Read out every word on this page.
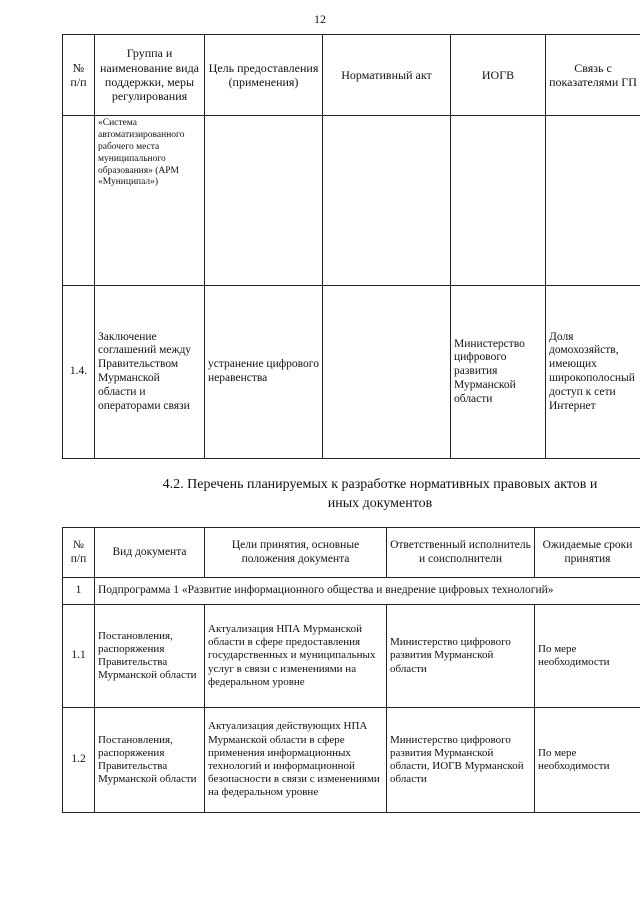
12
№
п/п	Группа и наименование вида поддержки, меры регулирования	Цель предоставления (применения)	Нормативный акт	ИОГВ	Связь с показателями ГП
	«Система автоматизированного рабочего места муниципального образования» (АРМ «Муниципал»)				
1.4.	Заключение соглашений между Правительством Мурманской области и операторами связи	устранение цифрового неравенства		Министерство цифрового развития Мурманской области	Доля домохозяйств, имеющих широкополосный доступ к сети Интернет
4.2. Перечень планируемых к разработке нормативных правовых актов и иных документов
№
п/п	Вид документа	Цели принятия, основные положения документа	Ответственный исполнитель и соисполнители	Ожидаемые сроки принятия
1	Подпрограмма 1 «Развитие информационного общества и внедрение цифровых технологий»			
1.1	Постановления, распоряжения Правительства Мурманской области	Актуализация НПА Мурманской области в сфере предоставления государственных и муниципальных услуг в связи с изменениями на федеральном уровне	Министерство цифрового развития Мурманской области	По мере необходимости
1.2	Постановления, распоряжения Правительства Мурманской области	Актуализация действующих НПА Мурманской области в сфере применения информационных технологий и информационной безопасности в связи с изменениями на федеральном уровне	Министерство цифрового развития Мурманской области, ИОГВ Мурманской области	По мере необходимости
